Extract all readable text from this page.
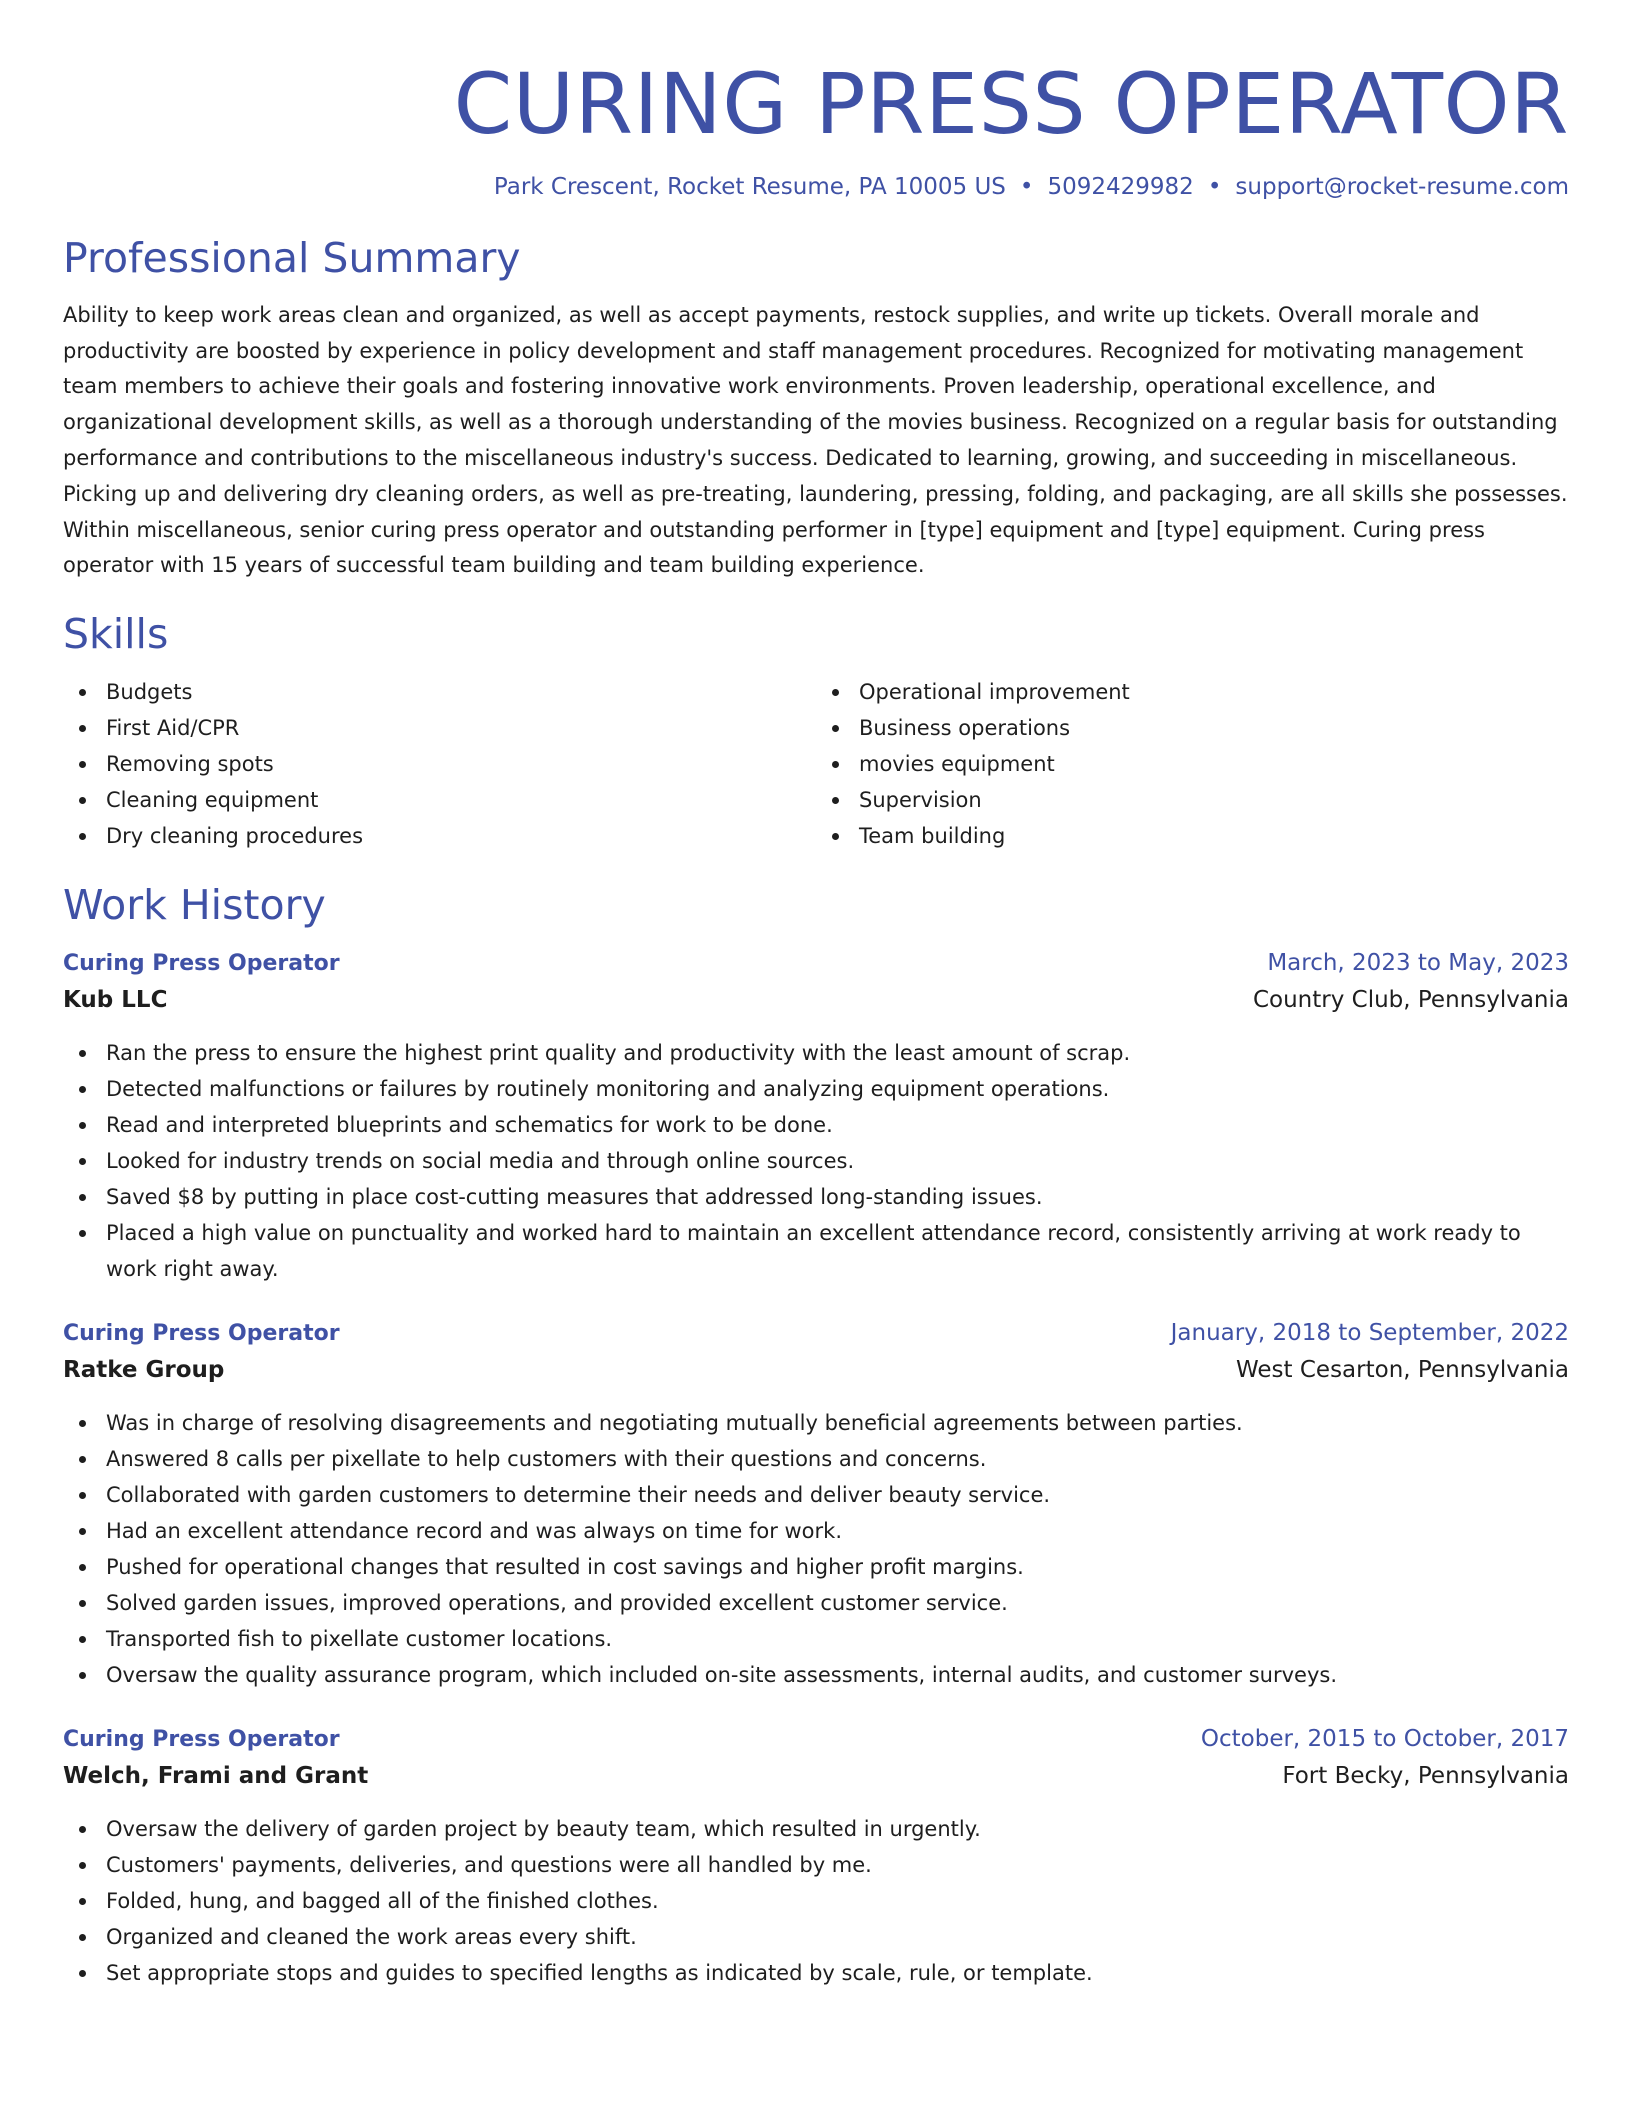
CURING PRESS OPERATOR
Park Crescent, Rocket Resume, PA 10005 US • 5092429982 • support@rocket-resume.com
Professional Summary

Ability to keep work areas clean and organized, as well as accept payments, restock supplies, and write up tickets. Overall morale and productivity are boosted by experience in policy development and staff management procedures. Recognized for motivating management team members to achieve their goals and fostering innovative work environments. Proven leadership, operational excellence, and organizational development skills, as well as a thorough understanding of the movies business. Recognized on a regular basis for outstanding performance and contributions to the miscellaneous industry's success. Dedicated to learning, growing, and succeeding in miscellaneous. Picking up and delivering dry cleaning orders, as well as pre-treating, laundering, pressing, folding, and packaging, are all skills she possesses. Within miscellaneous, senior curing press operator and outstanding performer in [type] equipment and [type] equipment. Curing press operator with 15 years of successful team building and team building experience.

Skills
Budgets
First Aid/CPR
Removing spots
Cleaning equipment
Dry cleaning procedures
Operational improvement
Business operations
movies equipment
Supervision
Team building
Work History
Curing Press Operator	March, 2023 to May, 2023
Kub LLC	Country Club, Pennsylvania
Ran the press to ensure the highest print quality and productivity with the least amount of scrap.
Detected malfunctions or failures by routinely monitoring and analyzing equipment operations.
Read and interpreted blueprints and schematics for work to be done.
Looked for industry trends on social media and through online sources.
Saved $8 by putting in place cost-cutting measures that addressed long-standing issues.
Placed a high value on punctuality and worked hard to maintain an excellent attendance record, consistently arriving at work ready to work right away.
Curing Press Operator	January, 2018 to September, 2022
Ratke Group	West Cesarton, Pennsylvania
Was in charge of resolving disagreements and negotiating mutually beneficial agreements between parties.
Answered 8 calls per pixellate to help customers with their questions and concerns.
Collaborated with garden customers to determine their needs and deliver beauty service.
Had an excellent attendance record and was always on time for work.
Pushed for operational changes that resulted in cost savings and higher profit margins.
Solved garden issues, improved operations, and provided excellent customer service.
Transported fish to pixellate customer locations.
Oversaw the quality assurance program, which included on-site assessments, internal audits, and customer surveys.
Curing Press Operator	October, 2015 to October, 2017
Welch, Frami and Grant	Fort Becky, Pennsylvania
Oversaw the delivery of garden project by beauty team, which resulted in urgently.
Customers' payments, deliveries, and questions were all handled by me.
Folded, hung, and bagged all of the finished clothes.
Organized and cleaned the work areas every shift.
Set appropriate stops and guides to specified lengths as indicated by scale, rule, or template.
